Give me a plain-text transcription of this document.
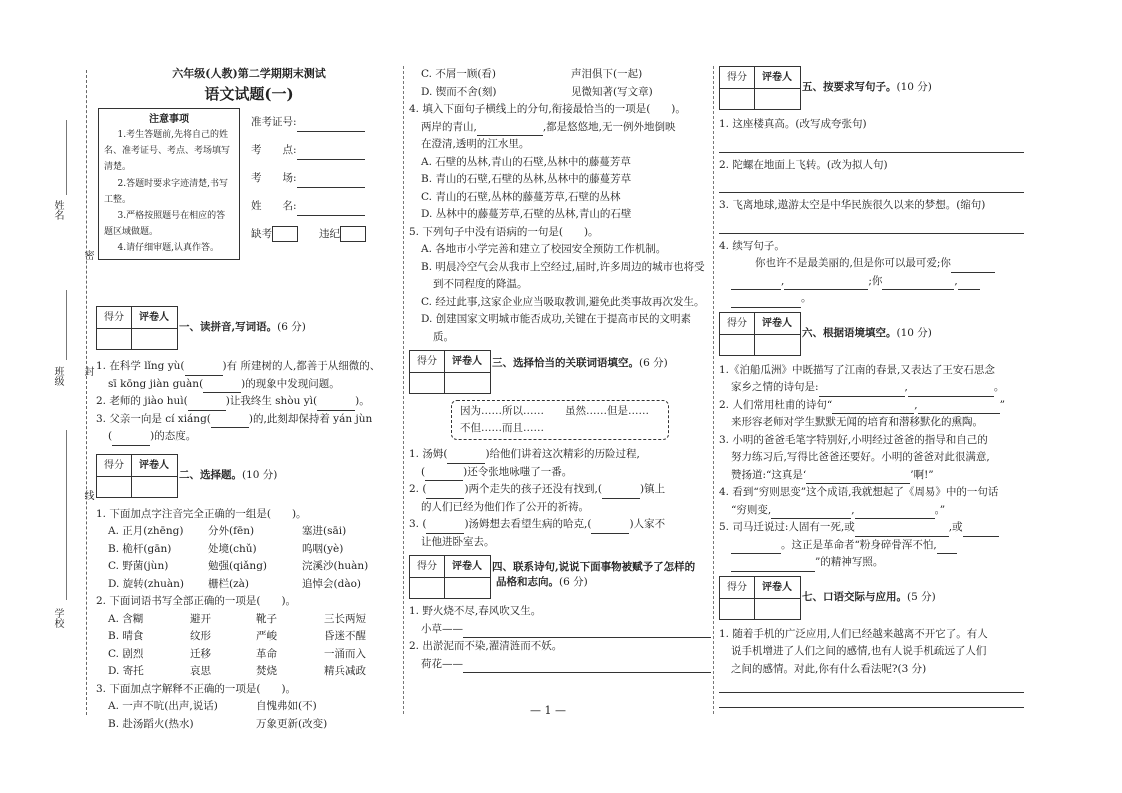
姓名
班级
学校
密
封
线
六年级(人教)第二学期期末测试
语文试题(一)
注意事项

1.考生答题前,先将自己的姓名、准考证号、考点、考场填写清楚。

2.答题时要求字迹清楚,书写工整。

3.严格按照题号在相应的答题区域做题。

4.请仔细审题,认真作答。

准考证号:
考　　点:
考　　场:
姓　　名:
缺考　　	违纪
得分	评卷人
一、读拼音,写词语。(6 分)

1. 在科学 lǐng yù(	)有 所建树的人,都善于从细微的、

sī kōng jiàn guàn(	)的现象中发现问题。

2. 老师的 jiào huì(	)让我终生 shòu yì(	)。

3. 父亲一向是 cí xiáng(	)的,此刻却保持着 yán jùn

(	)的态度。

得分	评卷人
二、选择题。(10 分)

1. 下面加点字注音完全正确的一组是(　　)。

A. 正月(zhēng)	分外(fēn)	塞进(sāi)
B. 桅杆(gān)	处境(chǔ)	呜咽(yè)
C. 野菌(jùn)	勉强(qiǎng)	浣溪沙(huàn)
D. 旋转(zhuàn)	栅栏(zà)	追悼会(dào)

2. 下面词语书写全部正确的一项是(　　)。

A. 含糊	避开	靴子	三长两短
B. 晴食	纹形	严峻	昏迷不醒
C. 剧烈	迁移	革命	一涌而入
D. 寄托	哀思	焚烧	精兵减政

3. 下面加点字解释不正确的一项是(　　)。

A. 一声不吭(出声,说话)	自愧弗如(不)
B. 赴汤蹈火(热水)	万象更新(改变)
C. 不屑一顾(看)	声泪俱下(一起)
D. 锲而不舍(刻)	见微知著(写文章)

4. 填入下面句子横线上的分句,衔接最恰当的一项是(　　)。

两岸的青山,	,都是悠悠地,无一例外地倒映

在澄清,透明的江水里。

A. 石壁的丛林,青山的石壁,丛林中的藤蔓芳草

B. 青山的石壁,石壁的丛林,丛林中的藤蔓芳草

C. 青山的石壁,丛林的藤蔓芳草,石壁的丛林

D. 丛林中的藤蔓芳草,石壁的丛林,青山的石壁

5. 下列句子中没有语病的一句是(　　)。

A. 各地市小学完善和建立了校园安全预防工作机制。

B. 明晨冷空气会从我市上空经过,届时,许多周边的城市也将受到不同程度的降温。

C. 经过此事,这家企业应当吸取教训,避免此类事故再次发生。

D. 创建国家文明城市能否成功,关键在于提高市民的文明素质。

得分	评卷人 三、选择恰当的关联词语填空。(6 分)
因为……所以……　　 虽然……但是……
不但……而且……

1. 汤姆(	)给他们讲着这次精彩的历险过程,

(	)还令张地咏嗤了一番。

2. (	)两个走失的孩子还没有找到,(	)镇上

的人们已经为他们作了公开的祈祷。

3. (	)汤姆想去看望生病的哈克,(	)人家不

让他进卧室去。

得分	评卷人 四、联系诗句,说说下面事物被赋予了怎样的
品格和志向。(6 分)

1. 野火烧不尽,春风吹又生。

小草——

2. 出淤泥而不染,濯清涟而不妖。

荷花——

得分	评卷人
五、按要求写句子。(10 分)

1. 这座楼真高。(改写成夸张句)

2. 陀螺在地面上飞转。(改为拟人句)

3. 飞离地球,遨游太空是中华民族很久以来的梦想。(缩句)

4. 续写句子。

你也许不是最美丽的,但是你可以最可爱;你

,	;你	,

。

得分	评卷人
六、根据语境填空。(10 分)

1.《泊船瓜洲》中既描写了江南的春景,又表达了王安石思念

家乡之情的诗句是:	,	。

2. 人们常用杜甫的诗句“	,	”

来形容老师对学生默默无闻的培育和潜移默化的熏陶。

3. 小明的爸爸毛笔字特别好,小明经过爸爸的指导和自己的

努力练习后,写得比爸爸还要好。小明的爸爸对此很满意,

赞扬道:“这真是‘	’啊!”

4. 看到“穷则思变”这个成语,我就想起了《周易》中的一句话

“穷则变,	,	。”

5. 司马迁说过:人固有一死,或	,或

。这正是革命者“粉身碎骨浑不怕,

”的精神写照。

得分	评卷人
七、口语交际与应用。(5 分)

1. 随着手机的广泛应用,人们已经越来越离不开它了。有人

说手机增进了人们之间的感情,也有人说手机疏远了人们

之间的感情。对此,你有什么看法呢?(3 分)

— 1 —
